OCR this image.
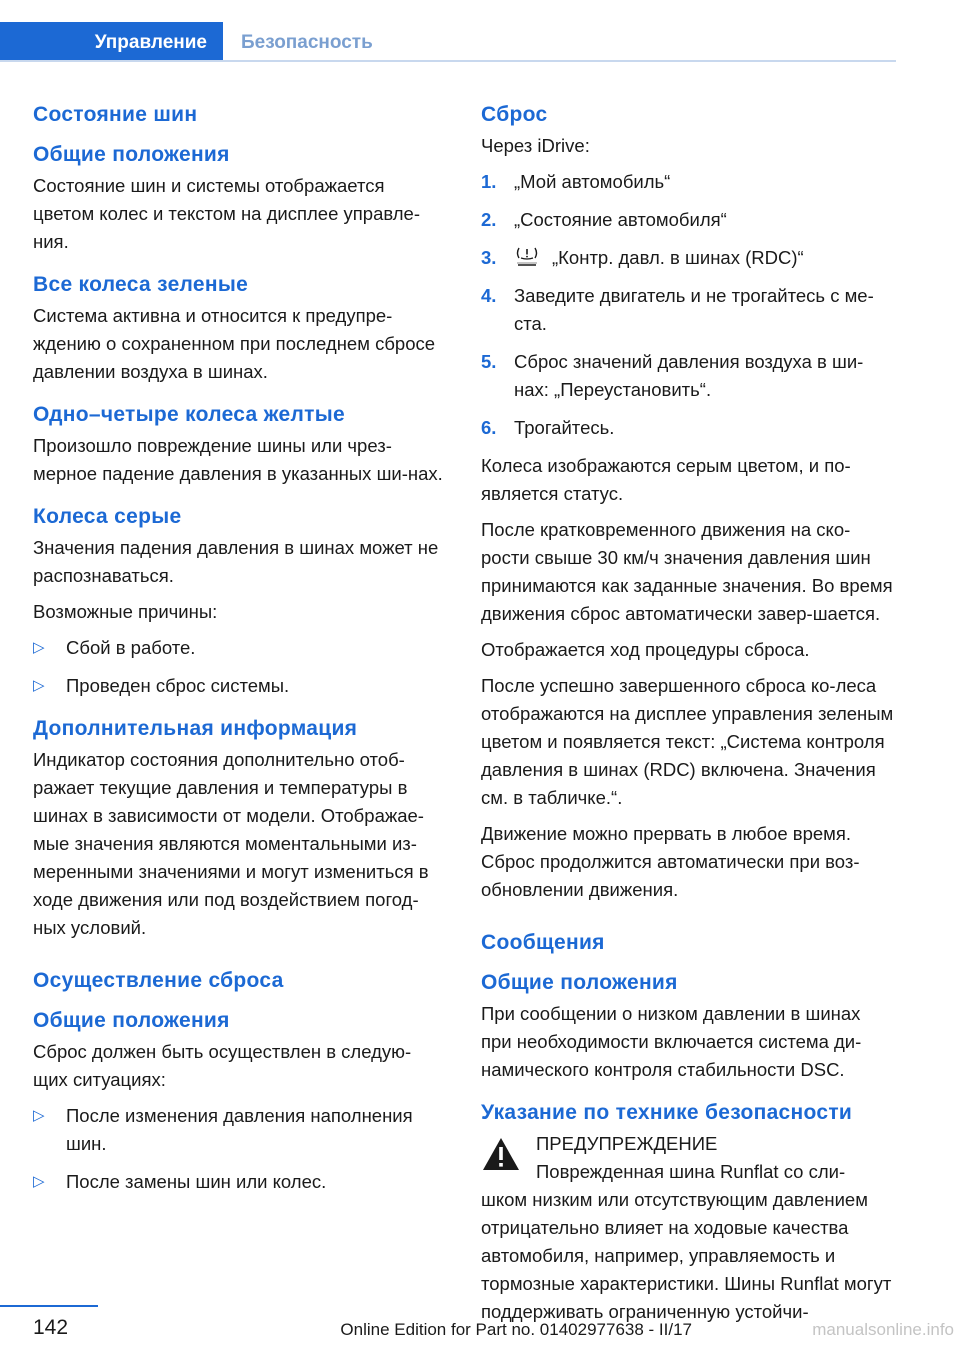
Управление	Безопасность
Состояние шин
Общие положения

Состояние шин и системы отображается цветом колес и текстом на дисплее управле-ния.

Все колеса зеленые

Система активна и относится к предупре-ждению о сохраненном при последнем сбросе давлении воздуха в шинах.

Одно–четыре колеса желтые

Произошло повреждение шины или чрез-мерное падение давления в указанных ши-нах.

Колеса серые

Значения падения давления в шинах может не распознаваться.

Возможные причины:

▷ Сбой в работе.
▷ Проведен сброс системы.
Дополнительная информация

Индикатор состояния дополнительно отоб-ражает текущие давления и температуры в шинах в зависимости от модели. Отображае-мые значения являются моментальными из-меренными значениями и могут измениться в ходе движения или под воздействием погод-ных условий.

Осуществление сброса
Общие положения

Сброс должен быть осуществлен в следую-щих ситуациях:

▷ После изменения давления наполнения шин.
▷ После замены шин или колес.
Сброс

Через iDrive:

1. „Мой автомобиль“
2. „Состояние автомобиля“
3.	„Контр. давл. в шинах (RDC)“
4. Заведите двигатель и не трогайтесь с ме-ста.
5. Сброс значений давления воздуха в ши-нах: „Переустановить“.
6. Трогайтесь.

Колеса изображаются серым цветом, и по-является статус.

После кратковременного движения на ско-рости свыше 30 км/ч значения давления шин принимаются как заданные значения. Во время движения сброс автоматически завер-шается.

Отображается ход процедуры сброса.

После успешно завершенного сброса ко-леса отображаются на дисплее управления зеленым цветом и появляется текст: „Система контроля давления в шинах (RDC) включена. Значения см. в табличке.“.

Движение можно прервать в любое время. Сброс продолжится автоматически при воз-обновлении движения.

Сообщения
Общие положения

При сообщении о низком давлении в шинах при необходимости включается система ди-намического контроля стабильности DSC.

Указание по технике безопасности
ПРЕДУПРЕЖДЕНИЕ
Поврежденная шина Runflat со сли-
шком низким или отсутствующим давлением отрицательно влияет на ходовые качества автомобиля, например, управляемость и тормозные характеристики. Шины Runflat могут поддерживать ограниченную устойчи-
142	Online Edition for Part no. 01402977638 - II/17	manualsonline.info
